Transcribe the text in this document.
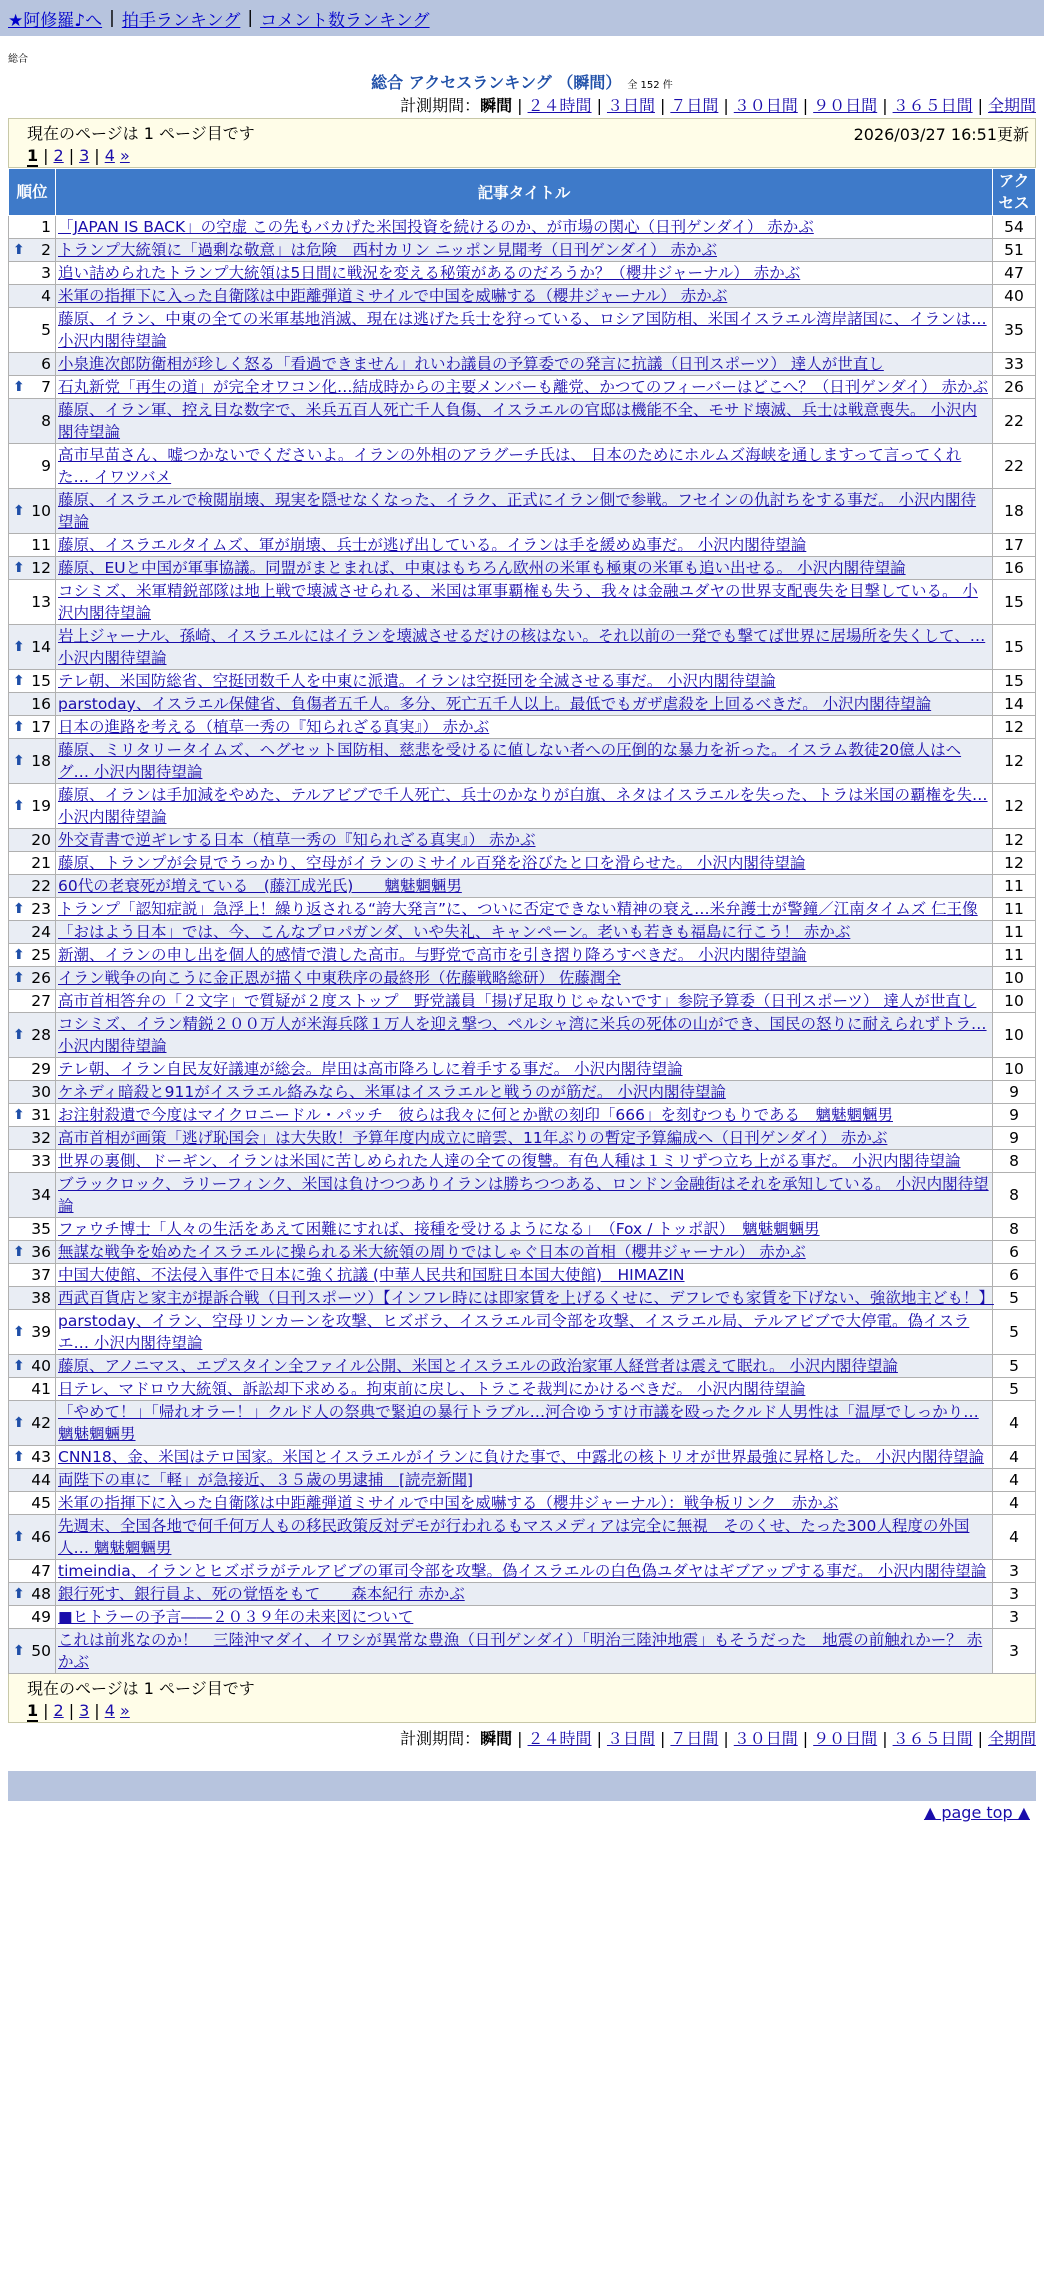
★阿修羅♪へ | 拍手ランキング | コメント数ランキング
総合
総合 アクセスランキング （瞬間） 全 152 件
計測期間：瞬間 | ２４時間 | ３日間 | ７日間 | ３０日間 | ９０日間 | ３６５日間 | 全期間
現在のページは 1 ページ目です	2026/03/27 16:51更新
1 | 2 | 3 | 4 »
順位	記事タイトル	アクセス
1	「JAPAN IS BACK」の空虚 この先もバカげた米国投資を続けるのか、が市場の関心（日刊ゲンダイ） 赤かぶ	54

⬆ 2	トランプ大統領に「過剰な敬意」は危険　西村カリン ニッポン見聞考（日刊ゲンダイ） 赤かぶ	51
3	追い詰められたトランプ大統領は5日間に戦況を変える秘策があるのだろうか？（櫻井ジャーナル） 赤かぶ	47
4	米軍の指揮下に入った自衛隊は中距離弾道ミサイルで中国を威嚇する（櫻井ジャーナル） 赤かぶ	40
5	藤原、イラン、中東の全ての米軍基地消滅、現在は逃げた兵士を狩っている、ロシア国防相、米国イスラエル湾岸諸国に、イランは… 小沢内閣待望論	35
6	小泉進次郎防衛相が珍しく怒る「看過できません」れいわ議員の予算委での発言に抗議（日刊スポーツ） 達人が世直し	33

⬆ 7	石丸新党「再生の道」が完全オワコン化…結成時からの主要メンバーも離党、かつてのフィーバーはどこへ？（日刊ゲンダイ） 赤かぶ	26
8	藤原、イラン軍、控え目な数字で、米兵五百人死亡千人負傷、イスラエルの官邸は機能不全、モサド壊滅、兵士は戦意喪失。 小沢内閣待望論	22
9	高市早苗さん、嘘つかないでくださいよ。イランの外相のアラグーチ氏は、 日本のためにホルムズ海峡を通しますって言ってくれた… イワツバメ	22

⬆ 10	藤原、イスラエルで検閲崩壊、現実を隠せなくなった、イラク、正式にイラン側で参戦。フセインの仇討ちをする事だ。 小沢内閣待望論	18
11	藤原、イスラエルタイムズ、軍が崩壊、兵士が逃げ出している。イランは手を緩めぬ事だ。 小沢内閣待望論	17

⬆ 12	藤原、EUと中国が軍事協議。同盟がまとまれば、中東はもちろん欧州の米軍も極東の米軍も追い出せる。 小沢内閣待望論	16
13	コシミズ、米軍精鋭部隊は地上戦で壊滅させられる、米国は軍事覇権も失う、我々は金融ユダヤの世界支配喪失を目撃している。 小沢内閣待望論	15

⬆ 14	岩上ジャーナル、孫崎、イスラエルにはイランを壊滅させるだけの核はない。それ以前の一発でも撃てば世界に居場所を失くして、… 小沢内閣待望論	15

⬆ 15	テレ朝、米国防総省、空挺団数千人を中東に派遣。イランは空挺団を全滅させる事だ。 小沢内閣待望論	15
16	parstoday、イスラエル保健省、負傷者五千人。多分、死亡五千人以上。最低でもガザ虐殺を上回るべきだ。 小沢内閣待望論	14

⬆ 17	日本の進路を考える（植草一秀の『知られざる真実』） 赤かぶ	12

⬆ 18	藤原、ミリタリータイムズ、ヘグセット国防相、慈悲を受けるに値しない者への圧倒的な暴力を祈った。イスラム教徒20億人はヘグ… 小沢内閣待望論	12

⬆ 19	藤原、イランは手加減をやめた、テルアビブで千人死亡、兵士のかなりが白旗、ネタはイスラエルを失った、トラは米国の覇権を失… 小沢内閣待望論	12
20	外交青書で逆ギレする日本（植草一秀の『知られざる真実』） 赤かぶ	12
21	藤原、トランプが会見でうっかり、空母がイランのミサイル百発を浴びたと口を滑らせた。 小沢内閣待望論	12
22	60代の老衰死が増えている　(藤江成光氏)　　魑魅魍魎男	11

⬆ 23	トランプ「認知症説」急浮上！繰り返される“誇大発言”に、ついに否定できない精神の衰え…米弁護士が警鐘／江南タイムズ 仁王像	11
24	「おはよう日本」では、今、こんなプロパガンダ、いや失礼、キャンペーン。老いも若きも福島に行こう！ 赤かぶ	11

⬆ 25	新潮、イランの申し出を個人的感情で潰した高市。与野党で高市を引き摺り降ろすべきだ。 小沢内閣待望論	11

⬆ 26	イラン戦争の向こうに金正恩が描く中東秩序の最終形（佐藤戦略総研） 佐藤潤全	10
27	高市首相答弁の「２文字」で質疑が２度ストップ　野党議員「揚げ足取りじゃないです」参院予算委（日刊スポーツ） 達人が世直し	10

⬆ 28	コシミズ、イラン精鋭２００万人が米海兵隊１万人を迎え撃つ、ペルシャ湾に米兵の死体の山ができ、国民の怒りに耐えられずトラ… 小沢内閣待望論	10
29	テレ朝、イラン自民友好議連が総会。岸田は高市降ろしに着手する事だ。 小沢内閣待望論	10
30	ケネディ暗殺と911がイスラエル絡みなら、米軍はイスラエルと戦うのが筋だ。 小沢内閣待望論	9

⬆ 31	お注射殺遺で今度はマイクロニードル・パッチ　彼らは我々に何とか獣の刻印「666」を刻むつもりである　魑魅魍魎男	9
32	高市首相が画策「逃げ恥国会」は大失敗！予算年度内成立に暗雲、11年ぶりの暫定予算編成へ（日刊ゲンダイ） 赤かぶ	9
33	世界の裏側、ドーギン、イランは米国に苦しめられた人達の全ての復讐。有色人種は１ミリずつ立ち上がる事だ。 小沢内閣待望論	8
34	ブラックロック、ラリーフィンク、米国は負けつつありイランは勝ちつつある、ロンドン金融街はそれを承知している。 小沢内閣待望論	8
35	ファウチ博士「人々の生活をあえて困難にすれば、接種を受けるようになる」　（Fox / トッポ訳）　魑魅魍魎男	8

⬆ 36	無謀な戦争を始めたイスラエルに操られる米大統領の周りではしゃぐ日本の首相（櫻井ジャーナル） 赤かぶ	6
37	中国大使館、不法侵入事件で日本に強く抗議 (中華人民共和国駐日本国大使館)　HIMAZIN	6
38	西武百貨店と家主が提訴合戦（日刊スポーツ）【インフレ時には即家賃を上げるくせに、デフレでも家賃を下げない、強欲地主ども！】	5

⬆ 39	parstoday、イラン、空母リンカーンを攻撃、ヒズボラ、イスラエル司令部を攻撃、イスラエル局、テルアビブで大停電。偽イスラエ… 小沢内閣待望論	5

⬆ 40	藤原、アノニマス、エプスタイン全ファイル公開、米国とイスラエルの政治家軍人経営者は震えて眠れ。 小沢内閣待望論	5
41	日テレ、マドロウ大統領、訴訟却下求める。拘束前に戻し、トラこそ裁判にかけるべきだ。 小沢内閣待望論	5

⬆ 42	「やめて！」「帰れオラー！」クルド人の祭典で緊迫の暴行トラブル…河合ゆうすけ市議を殴ったクルド人男性は「温厚でしっかり… 魑魅魍魎男	4

⬆ 43	CNN18、金、米国はテロ国家。米国とイスラエルがイランに負けた事で、中露北の核トリオが世界最強に昇格した。 小沢内閣待望論	4
44	両陛下の車に「軽」が急接近、３５歳の男逮捕　[読売新聞]	4
45	米軍の指揮下に入った自衛隊は中距離弾道ミサイルで中国を威嚇する（櫻井ジャーナル）：戦争板リンク　赤かぶ	4

⬆ 46	先週末、全国各地で何千何万人もの移民政策反対デモが行われるもマスメディアは完全に無視　そのくせ、たった300人程度の外国人… 魑魅魍魎男	4
47	timeindia、イランとヒズボラがテルアビブの軍司令部を攻撃。偽イスラエルの白色偽ユダヤはギブアップする事だ。 小沢内閣待望論	3

⬆ 48	銀行死す、銀行員よ、死の覚悟をもて　　森本紀行 赤かぶ	3
49	■ヒトラーの予言――２０３９年の未来図について	3

⬆ 50	これは前兆なのか！　三陸沖マダイ、イワシが異常な豊漁（日刊ゲンダイ）「明治三陸沖地震」もそうだった　地震の前触れかー？ 赤かぶ	3
現在のページは 1 ページ目です
1 | 2 | 3 | 4 »
計測期間：瞬間 | ２４時間 | ３日間 | ７日間 | ３０日間 | ９０日間 | ３６５日間 | 全期間
▲ page top ▲
